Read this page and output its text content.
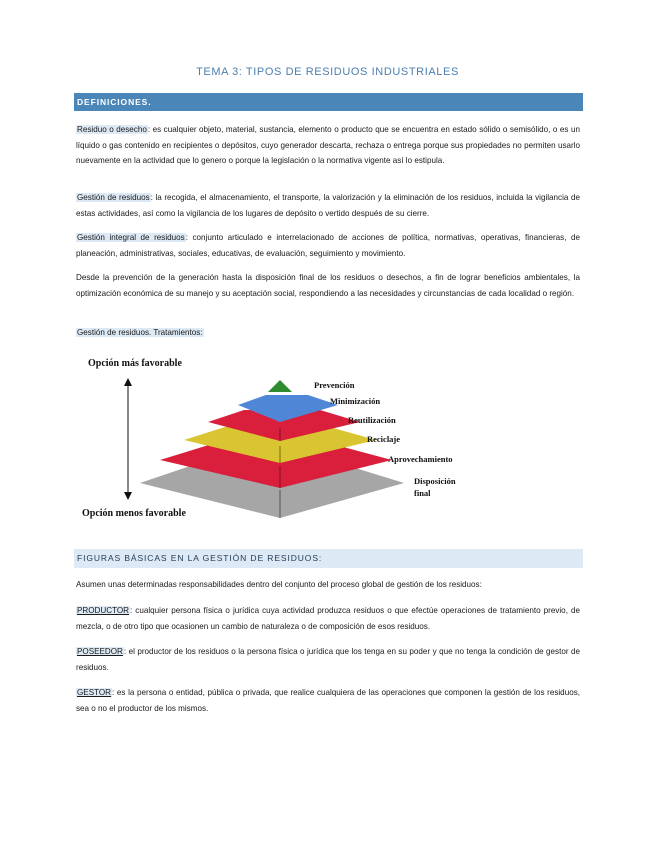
TEMA 3: TIPOS DE RESIDUOS INDUSTRIALES
DEFINICIONES.

Residuo o desecho: es cualquier objeto, material, sustancia, elemento o producto que se encuentra en estado sólido o semisólido, o es un líquido o gas contenido en recipientes o depósitos, cuyo generador descarta, rechaza o entrega porque sus propiedades no permiten usarlo nuevamente en la actividad que lo genero o porque la legislación o la normativa vigente así lo estipula.

Gestión de residuos: la recogida, el almacenamiento, el transporte, la valorización y la eliminación de los residuos, incluida la vigilancia de estas actividades, así como la vigilancia de los lugares de depósito o vertido después de su cierre.

Gestión integral de residuos: conjunto articulado e interrelacionado de acciones de política, normativas, operativas, financieras, de planeación, administrativas, sociales, educativas, de evaluación, seguimiento y movimiento.

Desde la prevención de la generación hasta la disposición final de los residuos o desechos, a fin de lograr beneficios ambientales, la optimización económica de su manejo y su aceptación social, respondiendo a las necesidades y circunstancias de cada localidad o región.

Gestión de residuos. Tratamientos:

Opción más favorable
Opción menos favorable
Prevención
Minimización
Reutilización
Reciclaje
Aprovechamiento
Disposición
final
FIGURAS BÁSICAS EN LA GESTIÓN DE RESIDUOS:

Asumen unas determinadas responsabilidades dentro del conjunto del proceso global de gestión de los residuos:

PRODUCTOR: cualquier persona física o jurídica cuya actividad produzca residuos o que efectúe operaciones de tratamiento previo, de mezcla, o de otro tipo que ocasionen un cambio de naturaleza o de composición de esos residuos.

POSEEDOR: el productor de los residuos o la persona física o jurídica que los tenga en su poder y que no tenga la condición de gestor de residuos.

GESTOR: es la persona o entidad, pública o privada, que realice cualquiera de las operaciones que componen la gestión de los residuos, sea o no el productor de los mismos.
